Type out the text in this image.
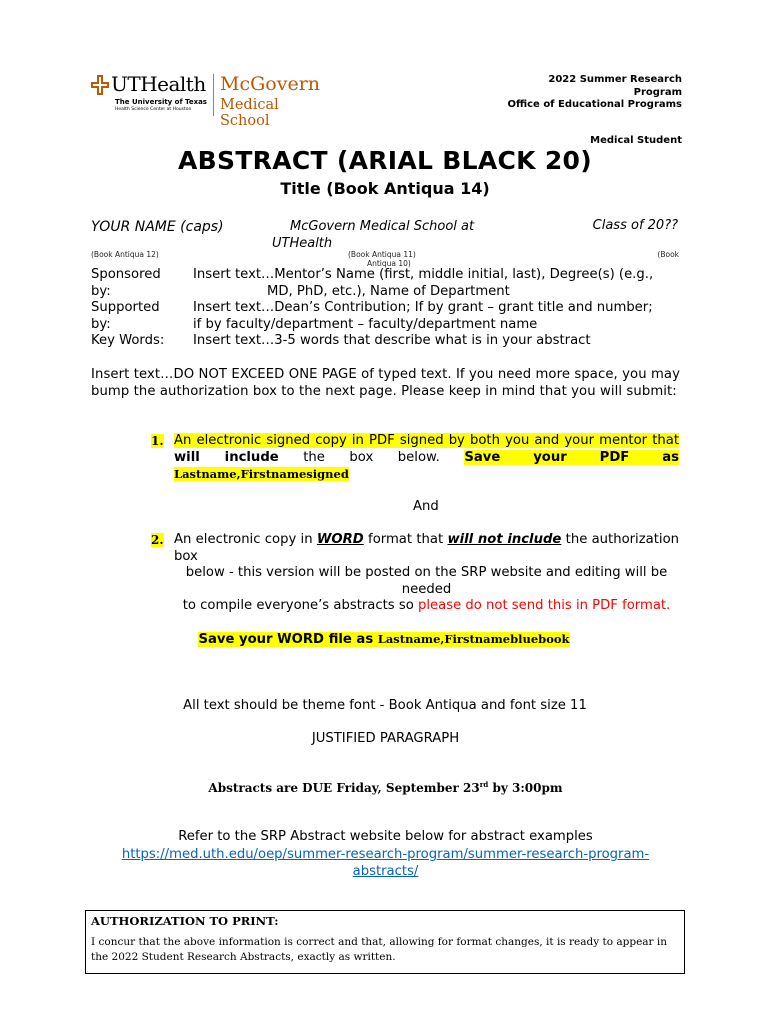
UTHealth
The University of Texas
Health Science Center at Houston
McGovern
Medical School
2022 Summer Research
Program
Office of Educational Programs
Medical Student
ABSTRACT (ARIAL BLACK 20)
Title (Book Antiqua 14)
YOUR NAME (caps)
(Book Antiqua 12)
McGovern Medical School at
UTHealth
(Book Antiqua 11)
Antiqua 10)
Class of 20??
(Book
Sponsored
by:
Insert text…Mentor’s Name (first, middle initial, last), Degree(s) (e.g.,
MD, PhD, etc.), Name of Department
Supported
by:
Insert text…Dean’s Contribution; If by grant – grant title and number;
if by faculty/department – faculty/department name
Key Words:	Insert text…3-5 words that describe what is in your abstract
Insert text…DO NOT EXCEED ONE PAGE of typed text. If you need more space, you may bump the authorization box to the next page. Please keep in mind that you will submit:
1. An electronic signed copy in PDF signed by both you and your mentor that will include the box below. Save your PDF as
Lastname,Firstnamesigned
And
2. An electronic copy in WORD format that will not include the authorization box
below - this version will be posted on the SRP website and editing will be needed
to compile everyone’s abstracts so please do not send this in PDF format.
Save your WORD file as Lastname,Firstnamebluebook
All text should be theme font - Book Antiqua and font size 11
JUSTIFIED PARAGRAPH
Abstracts are DUE Friday, September 23rd by 3:00pm
Refer to the SRP Abstract website below for abstract examples
https://med.uth.edu/oep/summer-research-program/summer-research-program-
abstracts/
AUTHORIZATION TO PRINT:
I concur that the above information is correct and that, allowing for format changes, it is ready to appear in the 2022 Student Research Abstracts, exactly as written.
